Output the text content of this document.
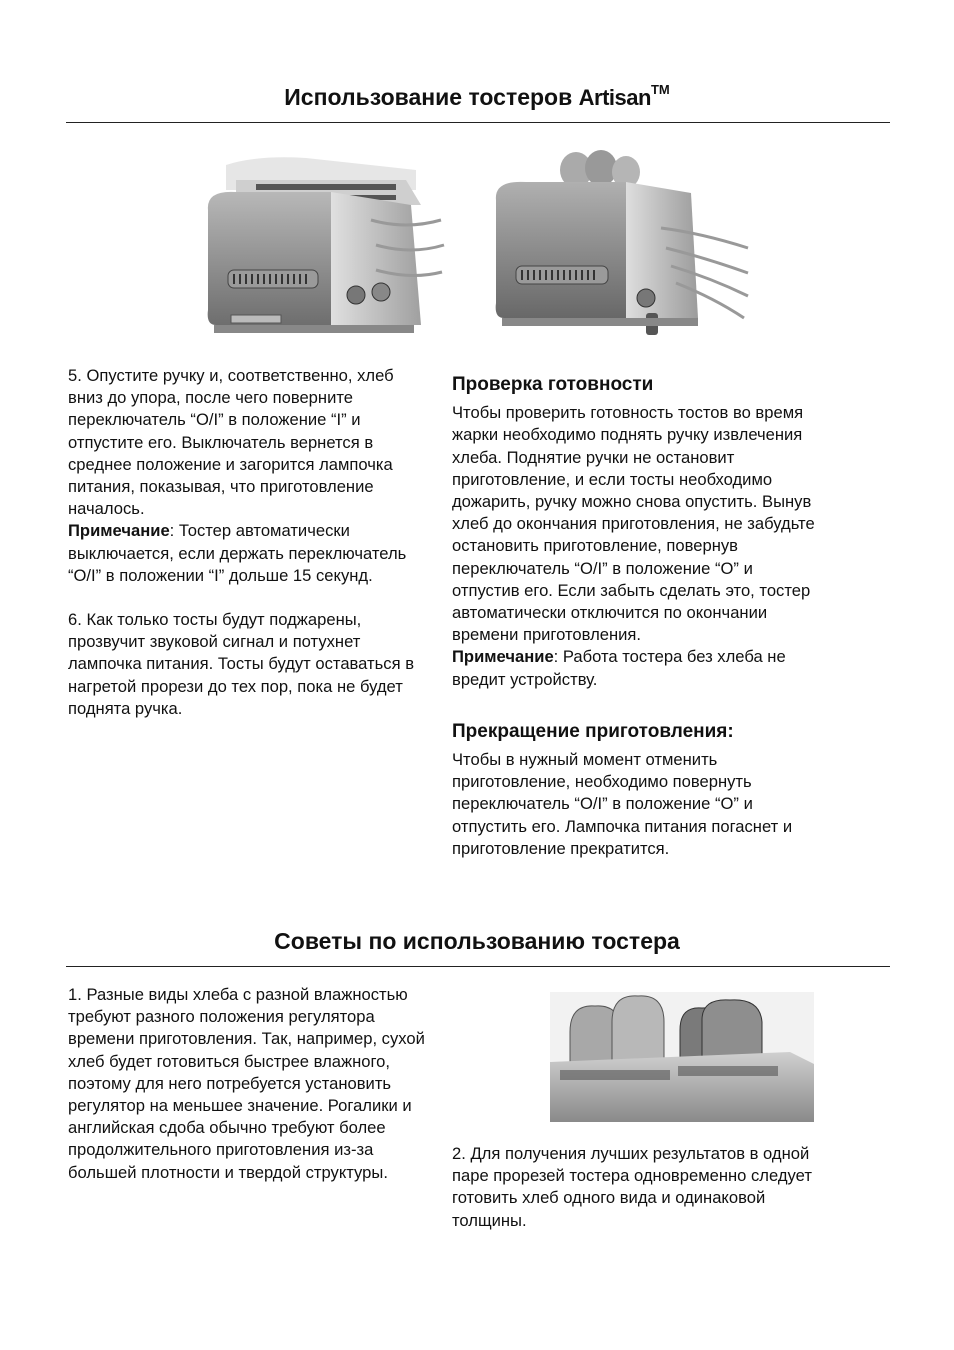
Использование тостеров Artisan™

5. Опустите ручку и, соответственно, хлеб вниз до упора, после чего поверните переключатель “O/I” в положение “I” и отпустите его. Выключатель вернется в среднее положение и загорится лампочка питания, показывая, что приготовление началось.

Примечание: Тостер автоматически выключается, если держать переключатель “O/I” в положении “I” дольше 15 секунд.

6. Как только тосты будут поджарены, прозвучит звуковой сигнал и потухнет лампочка питания. Тосты будут оставаться в нагретой прорези до тех пор, пока не будет поднята ручка.

Проверка готовности

Чтобы проверить готовность тостов во время жарки необходимо поднять ручку извлечения хлеба. Поднятие ручки не остановит приготовление, и если тосты необходимо дожарить, ручку можно снова опустить. Вынув хлеб до окончания приготовления, не забудьте остановить приготовление, повернув переключатель “O/I” в положение “O” и отпустив его. Если забыть сделать это, тостер автоматически отключится по окончании времени приготовления.

Примечание: Работа тостера без хлеба не вредит устройству.

Прекращение приготовления:

Чтобы в нужный момент отменить приготовление, необходимо повернуть переключатель “O/I” в положение “O” и отпустить его. Лампочка питания погаснет и приготовление прекратится.

Советы по использованию тостера

1. Разные виды хлеба с разной влажностью требуют разного положения регулятора времени приготовления. Так, например, сухой хлеб будет готовиться быстрее влажного, поэтому для него потребуется установить регулятор на меньшее значение. Рогалики и английская сдоба обычно требуют более продолжительного приготовления из-за большей плотности и твердой структуры.

2. Для получения лучших результатов в одной паре прорезей тостера одновременно следует готовить хлеб одного вида и одинаковой толщины.
